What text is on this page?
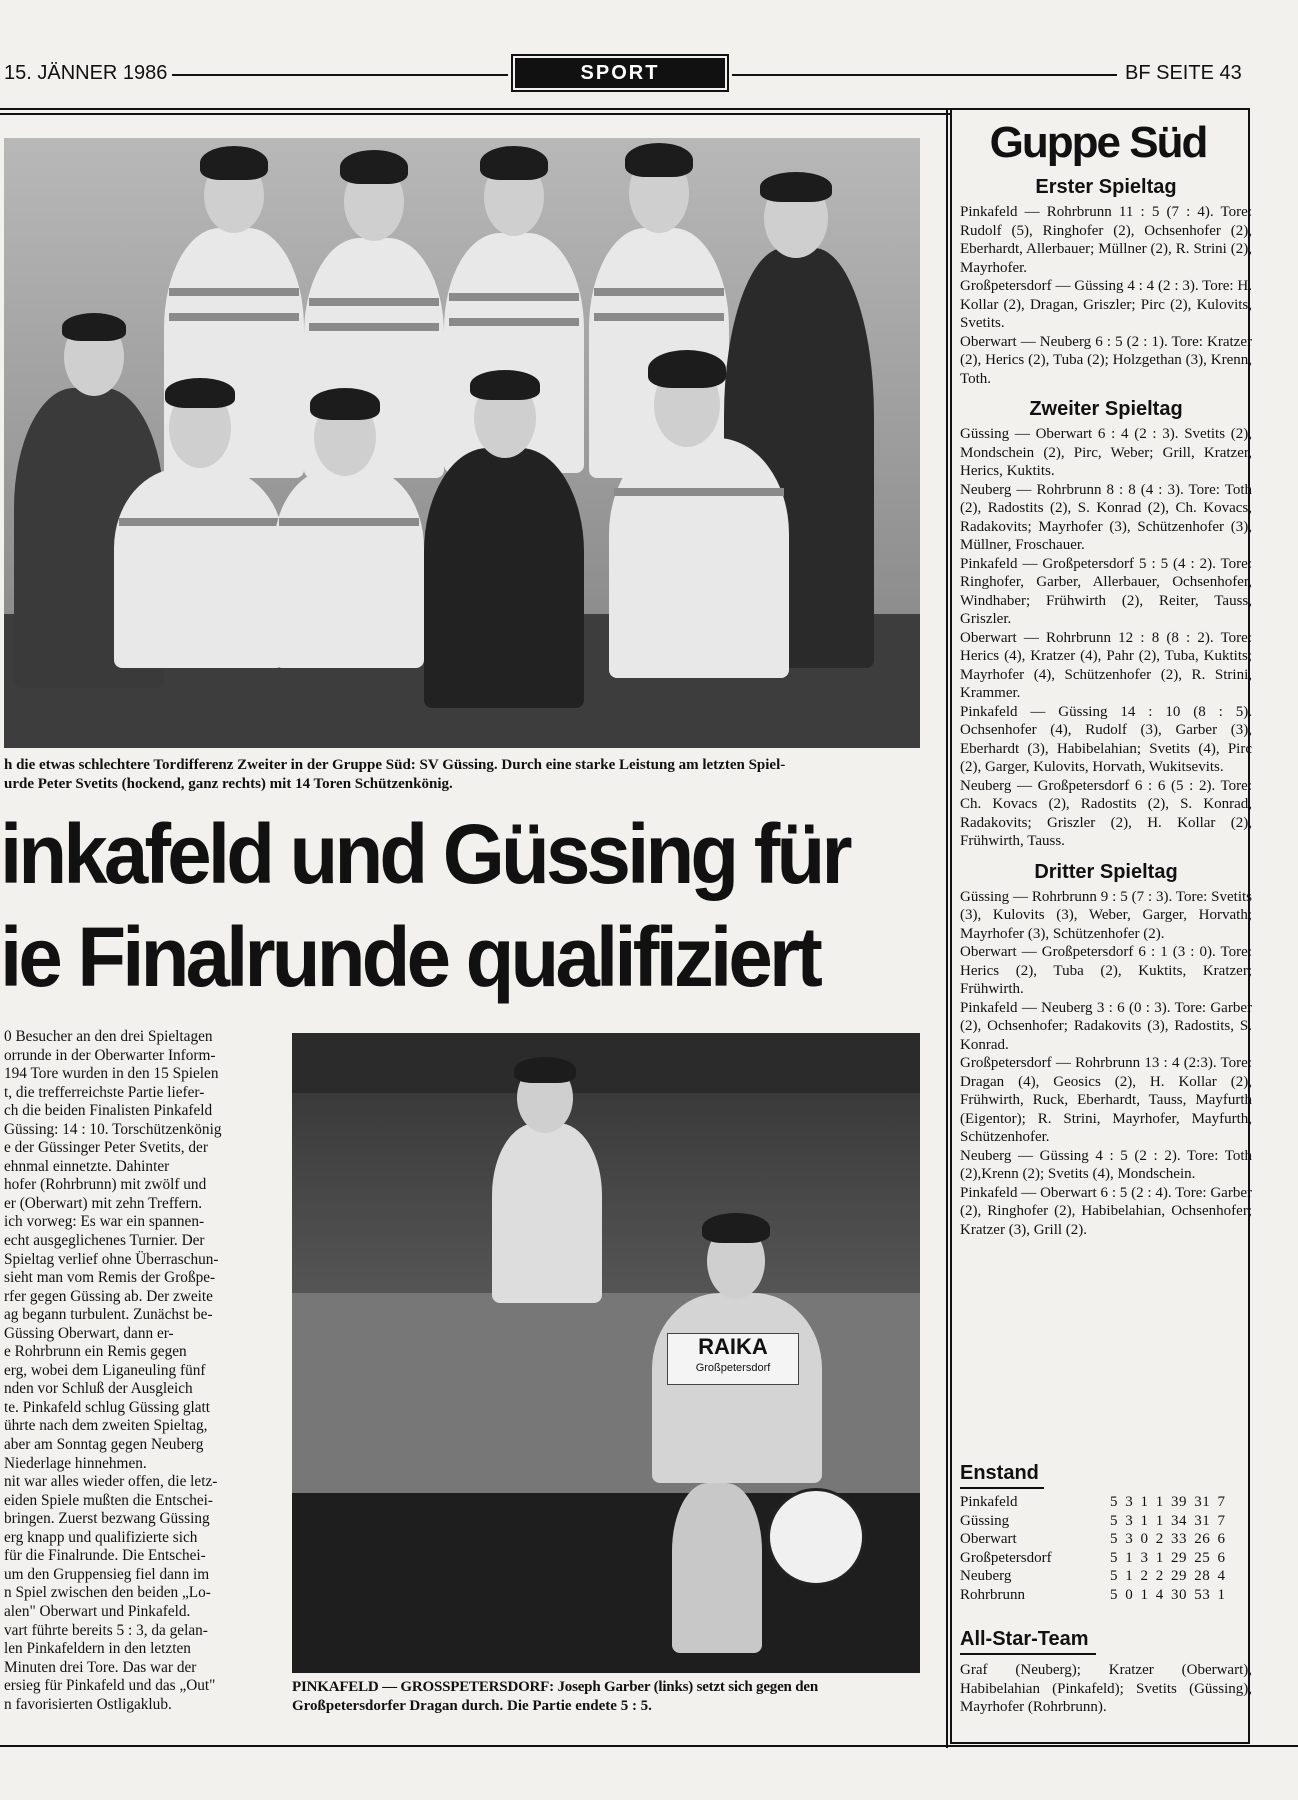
15. JÄNNER 1986	SPORT	BF SEITE 43
h die etwas schlechtere Tordifferenz Zweiter in der Gruppe Süd: SV Güssing. Durch eine starke Leistung am letzten Spiel-
urde Peter Svetits (hockend, ganz rechts) mit 14 Toren Schützenkönig.
inkafeld und Güssing für
ie Finalrunde qualifiziert
0 Besucher an den drei Spieltagen
orrunde in der Oberwarter Inform-
194 Tore wurden in den 15 Spielen
t, die trefferreichste Partie liefer-
ch die beiden Finalisten Pinkafeld
Güssing: 14 : 10. Torschützenkönig
e der Güssinger Peter Svetits, der
ehnmal einnetzte. Dahinter
hofer (Rohrbrunn) mit zwölf und
er (Oberwart) mit zehn Treffern.
ich vorweg: Es war ein spannen-
echt ausgeglichenes Turnier. Der
Spieltag verlief ohne Überraschun-
sieht man vom Remis der Großpe-
rfer gegen Güssing ab. Der zweite
ag begann turbulent. Zunächst be-
Güssing Oberwart, dann er-
e Rohrbrunn ein Remis gegen
erg, wobei dem Liganeuling fünf
nden vor Schluß der Ausgleich
te. Pinkafeld schlug Güssing glatt
ührte nach dem zweiten Spieltag,
aber am Sonntag gegen Neuberg
Niederlage hinnehmen.
nit war alles wieder offen, die letz-
eiden Spiele mußten die Entschei-
bringen. Zuerst bezwang Güssing
erg knapp und qualifizierte sich
für die Finalrunde. Die Entschei-
um den Gruppensieg fiel dann im
n Spiel zwischen den beiden „Lo-
alen" Oberwart und Pinkafeld.
vart führte bereits 5 : 3, da gelan-
len Pinkafeldern in den letzten
Minuten drei Tore. Das war der
ersieg für Pinkafeld und das „Out"
n favorisierten Ostligaklub.
RAIKA
Großpetersdorf
PINKAFELD — GROSSPETERSDORF: Joseph Garber (links) setzt sich gegen den
Großpetersdorfer Dragan durch. Die Partie endete 5 : 5.
Guppe Süd
Erster Spieltag
Pinkafeld — Rohrbrunn 11 : 5 (7 : 4). Tore: Rudolf (5), Ringhofer (2), Ochsenhofer (2), Eberhardt, Allerbauer; Müllner (2), R. Strini (2), Mayrhofer.
Großpetersdorf — Güssing 4 : 4 (2 : 3). Tore: H. Kollar (2), Dragan, Griszler; Pirc (2), Kulovits, Svetits.
Oberwart — Neuberg 6 : 5 (2 : 1). Tore: Kratzer (2), Herics (2), Tuba (2); Holzgethan (3), Krenn, Toth.
Zweiter Spieltag
Güssing — Oberwart 6 : 4 (2 : 3). Svetits (2), Mondschein (2), Pirc, Weber; Grill, Kratzer, Herics, Kuktits.
Neuberg — Rohrbrunn 8 : 8 (4 : 3). Tore: Toth (2), Radostits (2), S. Konrad (2), Ch. Kovacs, Radakovits; Mayrhofer (3), Schützenhofer (3), Müllner, Froschauer.
Pinkafeld — Großpetersdorf 5 : 5 (4 : 2). Tore: Ringhofer, Garber, Allerbauer, Ochsenhofer, Windhaber; Frühwirth (2), Reiter, Tauss, Griszler.
Oberwart — Rohrbrunn 12 : 8 (8 : 2). Tore: Herics (4), Kratzer (4), Pahr (2), Tuba, Kuktits; Mayrhofer (4), Schützenhofer (2), R. Strini, Krammer.
Pinkafeld — Güssing 14 : 10 (8 : 5). Ochsenhofer (4), Rudolf (3), Garber (3), Eberhardt (3), Habibelahian; Svetits (4), Pirc (2), Garger, Kulovits, Horvath, Wukitsevits.
Neuberg — Großpetersdorf 6 : 6 (5 : 2). Tore: Ch. Kovacs (2), Radostits (2), S. Konrad, Radakovits; Griszler (2), H. Kollar (2), Frühwirth, Tauss.
Dritter Spieltag
Güssing — Rohrbrunn 9 : 5 (7 : 3). Tore: Svetits (3), Kulovits (3), Weber, Garger, Horvath; Mayrhofer (3), Schützenhofer (2).
Oberwart — Großpetersdorf 6 : 1 (3 : 0). Tore: Herics (2), Tuba (2), Kuktits, Kratzer; Frühwirth.
Pinkafeld — Neuberg 3 : 6 (0 : 3). Tore: Garber (2), Ochsenhofer; Radakovits (3), Radostits, S. Konrad.
Großpetersdorf — Rohrbrunn 13 : 4 (2:3). Tore: Dragan (4), Geosics (2), H. Kollar (2), Frühwirth, Ruck, Eberhardt, Tauss, Mayfurth (Eigentor); R. Strini, Mayrhofer, Mayfurth, Schützenhofer.
Neuberg — Güssing 4 : 5 (2 : 2). Tore: Toth (2),Krenn (2); Svetits (4), Mondschein.
Pinkafeld — Oberwart 6 : 5 (2 : 4). Tore: Garber (2), Ringhofer (2), Habibelahian, Ochsenhofer; Kratzer (3), Grill (2).
Enstand
Pinkafeld	5 3 1 1 39 31 7
Güssing	5 3 1 1 34 31 7
Oberwart	5 3 0 2 33 26 6
Großpetersdorf	5 1 3 1 29 25 6
Neuberg	5 1 2 2 29 28 4
Rohrbrunn	5 0 1 4 30 53 1
All-Star-Team
Graf (Neuberg); Kratzer (Oberwart), Habibelahian (Pinkafeld); Svetits (Güssing), Mayrhofer (Rohrbrunn).
